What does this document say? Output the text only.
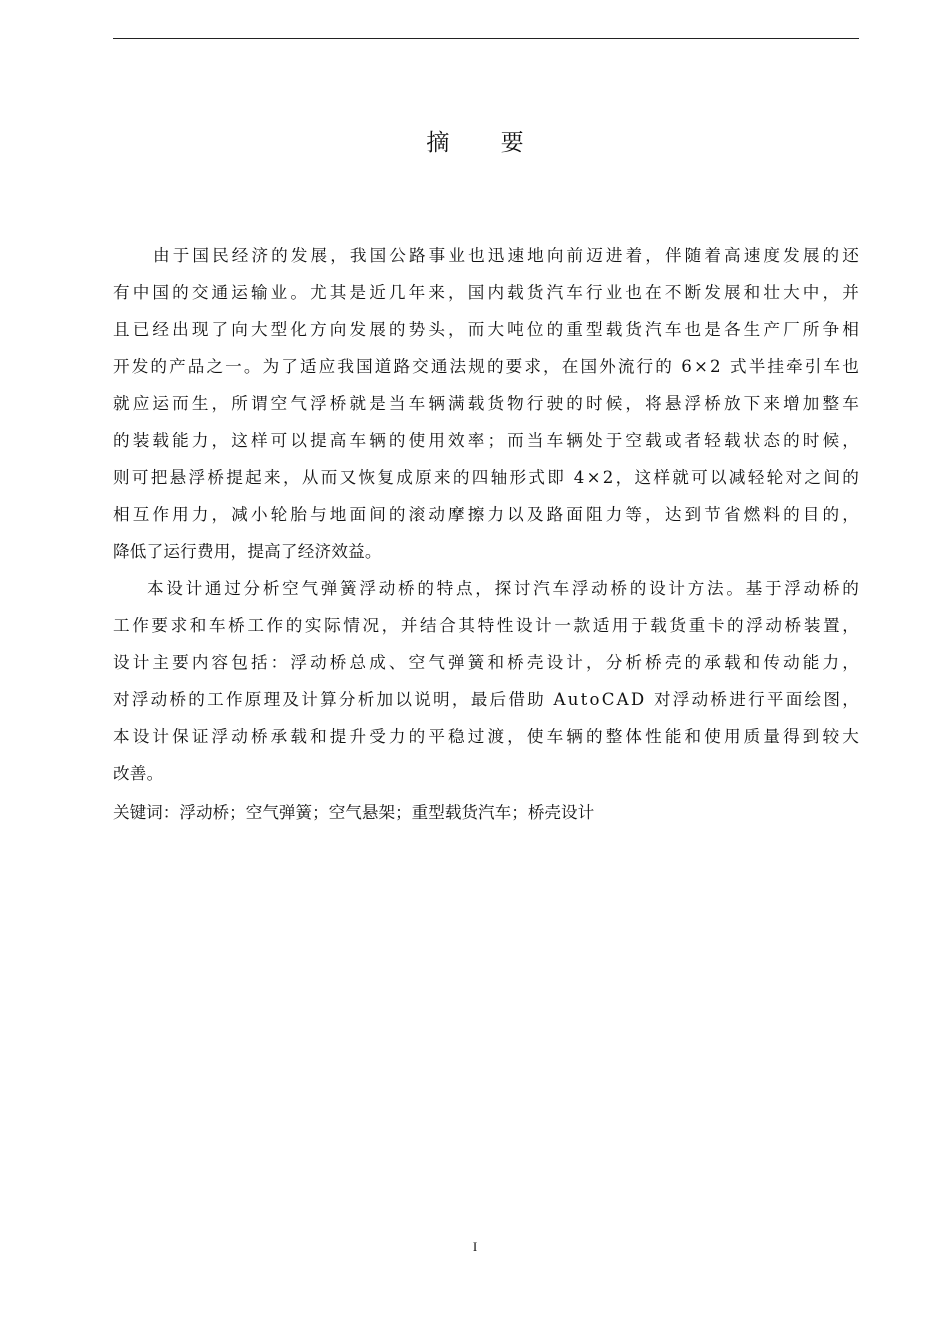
摘 要
由于国民经济的发展，我国公路事业也迅速地向前迈进着，伴随着高速度发展的还
有中国的交通运输业。尤其是近几年来，国内载货汽车行业也在不断发展和壮大中，并
且已经出现了向大型化方向发展的势头，而大吨位的重型载货汽车也是各生产厂所争相
开发的产品之一。为了适应我国道路交通法规的要求，在国外流行的 6×2 式半挂牵引车也
就应运而生，所谓空气浮桥就是当车辆满载货物行驶的时候，将悬浮桥放下来增加整车
的装载能力，这样可以提高车辆的使用效率；而当车辆处于空载或者轻载状态的时候，
则可把悬浮桥提起来，从而又恢复成原来的四轴形式即 4×2，这样就可以减轻轮对之间的
相互作用力，减小轮胎与地面间的滚动摩擦力以及路面阻力等，达到节省燃料的目的，
降低了运行费用，提高了经济效益。
本设计通过分析空气弹簧浮动桥的特点，探讨汽车浮动桥的设计方法。基于浮动桥的
工作要求和车桥工作的实际情况，并结合其特性设计一款适用于载货重卡的浮动桥装置，
设计主要内容包括：浮动桥总成、空气弹簧和桥壳设计，分析桥壳的承载和传动能力，
对浮动桥的工作原理及计算分析加以说明，最后借助 AutoCAD 对浮动桥进行平面绘图，
本设计保证浮动桥承载和提升受力的平稳过渡，使车辆的整体性能和使用质量得到较大
改善。
关键词：浮动桥；空气弹簧；空气悬架；重型载货汽车；桥壳设计
I
